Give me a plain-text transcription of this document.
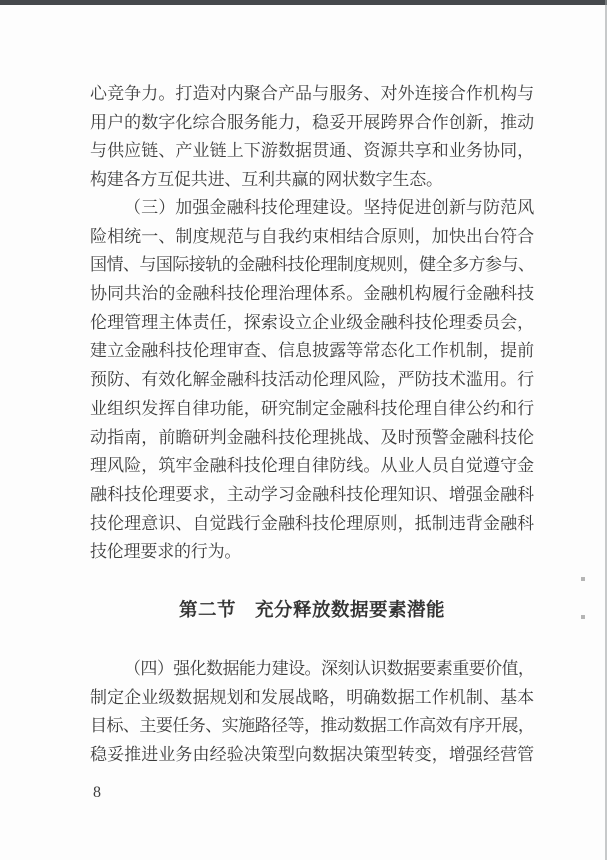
心竞争力。打造对内聚合产品与服务、对外连接合作机构与
用户的数字化综合服务能力，稳妥开展跨界合作创新，推动
与供应链、产业链上下游数据贯通、资源共享和业务协同，
构建各方互促共进、互利共赢的网状数字生态。
（三）加强金融科技伦理建设。坚持促进创新与防范风
险相统一、制度规范与自我约束相结合原则，加快出台符合
国情、与国际接轨的金融科技伦理制度规则，健全多方参与、
协同共治的金融科技伦理治理体系。金融机构履行金融科技
伦理管理主体责任，探索设立企业级金融科技伦理委员会，
建立金融科技伦理审查、信息披露等常态化工作机制，提前
预防、有效化解金融科技活动伦理风险，严防技术滥用。行
业组织发挥自律功能，研究制定金融科技伦理自律公约和行
动指南，前瞻研判金融科技伦理挑战、及时预警金融科技伦
理风险，筑牢金融科技伦理自律防线。从业人员自觉遵守金
融科技伦理要求，主动学习金融科技伦理知识、增强金融科
技伦理意识、自觉践行金融科技伦理原则，抵制违背金融科
技伦理要求的行为。
第二节　充分释放数据要素潜能
（四）强化数据能力建设。深刻认识数据要素重要价值，
制定企业级数据规划和发展战略，明确数据工作机制、基本
目标、主要任务、实施路径等，推动数据工作高效有序开展，
稳妥推进业务由经验决策型向数据决策型转变，增强经营管
8
